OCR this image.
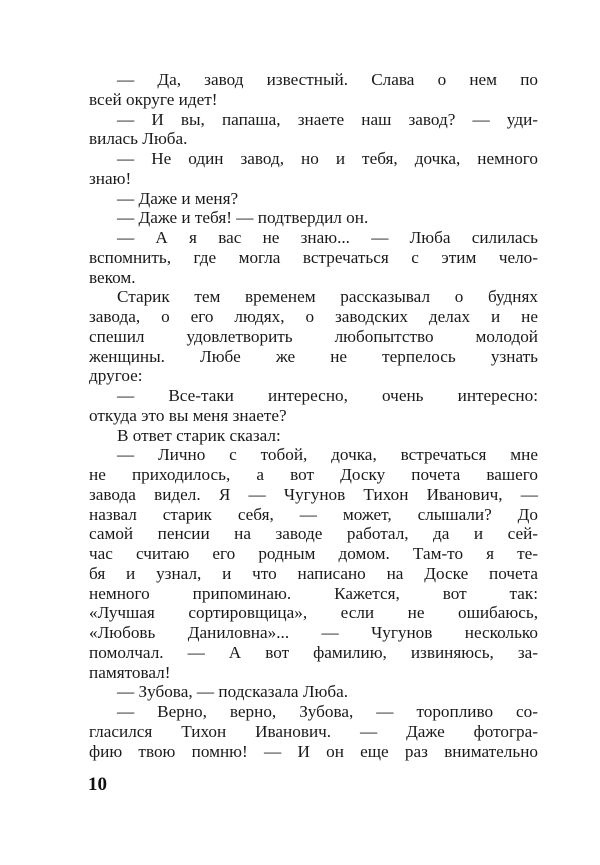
— Да, завод известный. Слава о нем по
всей округе идет!
— И вы, папаша, знаете наш завод? — уди-
вилась Люба.
— Не один завод, но и тебя, дочка, немного
знаю!
— Даже и меня?
— Даже и тебя! — подтвердил он.
— А я вас не знаю... — Люба силилась
вспомнить, где могла встречаться с этим чело-
веком.
Старик тем временем рассказывал о буднях
завода, о его людях, о заводских делах и не
спешил удовлетворить любопытство молодой
женщины. Любе же не терпелось узнать
другое:
— Все-таки интересно, очень интересно:
откуда это вы меня знаете?
В ответ старик сказал:
— Лично с тобой, дочка, встречаться мне
не приходилось, а вот Доску почета вашего
завода видел. Я — Чугунов Тихон Иванович, —
назвал старик себя, — может, слышали? До
самой пенсии на заводе работал, да и сей-
час считаю его родным домом. Там-то я те-
бя и узнал, и что написано на Доске почета
немного припоминаю. Кажется, вот так:
«Лучшая сортировщица», если не ошибаюсь,
«Любовь Даниловна»... — Чугунов несколько
помолчал. — А вот фамилию, извиняюсь, за-
памятовал!
— Зубова, — подсказала Люба.
— Верно, верно, Зубова, — торопливо со-
гласился Тихон Иванович. — Даже фотогра-
фию твою помню! — И он еще раз внимательно
10
